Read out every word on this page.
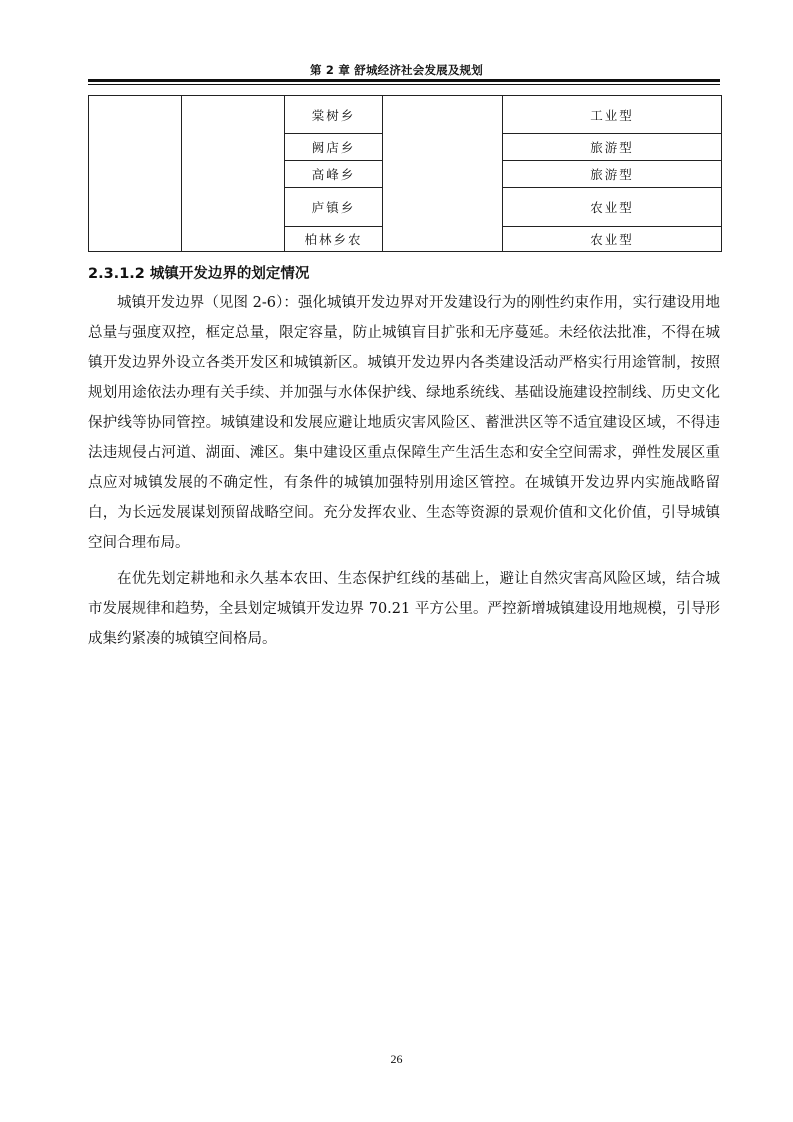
第 2 章 舒城经济社会发展及规划
		棠树乡		工业型
		阙店乡		旅游型
		高峰乡		旅游型
		庐镇乡		农业型
		柏林乡农		农业型
2.3.1.2 城镇开发边界的划定情况

城镇开发边界（见图 2-6）：强化城镇开发边界对开发建设行为的刚性约束作用，实行建设用地总量与强度双控，框定总量，限定容量，防止城镇盲目扩张和无序蔓延。未经依法批准，不得在城镇开发边界外设立各类开发区和城镇新区。城镇开发边界内各类建设活动严格实行用途管制，按照规划用途依法办理有关手续、并加强与水体保护线、绿地系统线、基础设施建设控制线、历史文化保护线等协同管控。城镇建设和发展应避让地质灾害风险区、蓄泄洪区等不适宜建设区域，不得违法违规侵占河道、湖面、滩区。集中建设区重点保障生产生活生态和安全空间需求，弹性发展区重点应对城镇发展的不确定性，有条件的城镇加强特别用途区管控。在城镇开发边界内实施战略留白，为长远发展谋划预留战略空间。充分发挥农业、生态等资源的景观价值和文化价值，引导城镇空间合理布局。

在优先划定耕地和永久基本农田、生态保护红线的基础上，避让自然灾害高风险区域，结合城市发展规律和趋势，全县划定城镇开发边界 70.21 平方公里。严控新增城镇建设用地规模，引导形成集约紧凑的城镇空间格局。

26
